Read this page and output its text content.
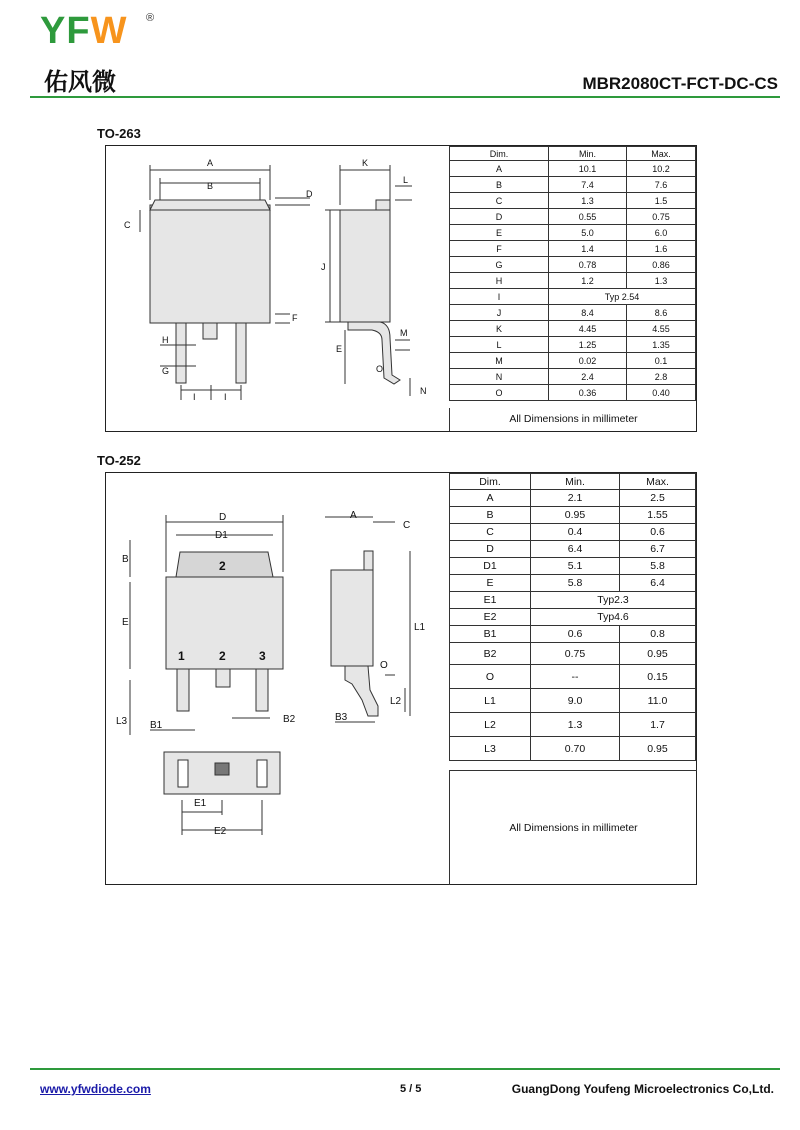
YFW ®
佑风微	MBR2080CT-FCT-DC-CS
TO-263
A
B
C
D
F
H
G
I	I
K
L
J
E
M
O
N
Dim.	Min.	Max.
A	10.1	10.2
B	7.4	7.6
C	1.3	1.5
D	0.55	0.75
E	5.0	6.0
F	1.4	1.6
G	0.78	0.86
H	1.2	1.3
I	Typ 2.54	
J	8.4	8.6
K	4.45	4.55
L	1.25	1.35
M	0.02	0.1
N	2.4	2.8
O	0.36	0.40
All Dimensions in millimeter
TO-252
D
D1
2
B
E
1	2	3
L3 B1
B2
A
C
L1
O
L2
B3
E1
E2
Dim.	Min.	Max.
A	2.1	2.5
B	0.95	1.55
C	0.4	0.6
D	6.4	6.7
D1	5.1	5.8
E	5.8	6.4
E1	Typ2.3	
E2	Typ4.6	
B1	0.6	0.8
B2	0.75	0.95
O	--	0.15
L1	9.0	11.0
L2	1.3	1.7
L3	0.70	0.95
All Dimensions in millimeter
www.yfwdiode.com	5 / 5	GuangDong Youfeng Microelectronics Co,Ltd.
